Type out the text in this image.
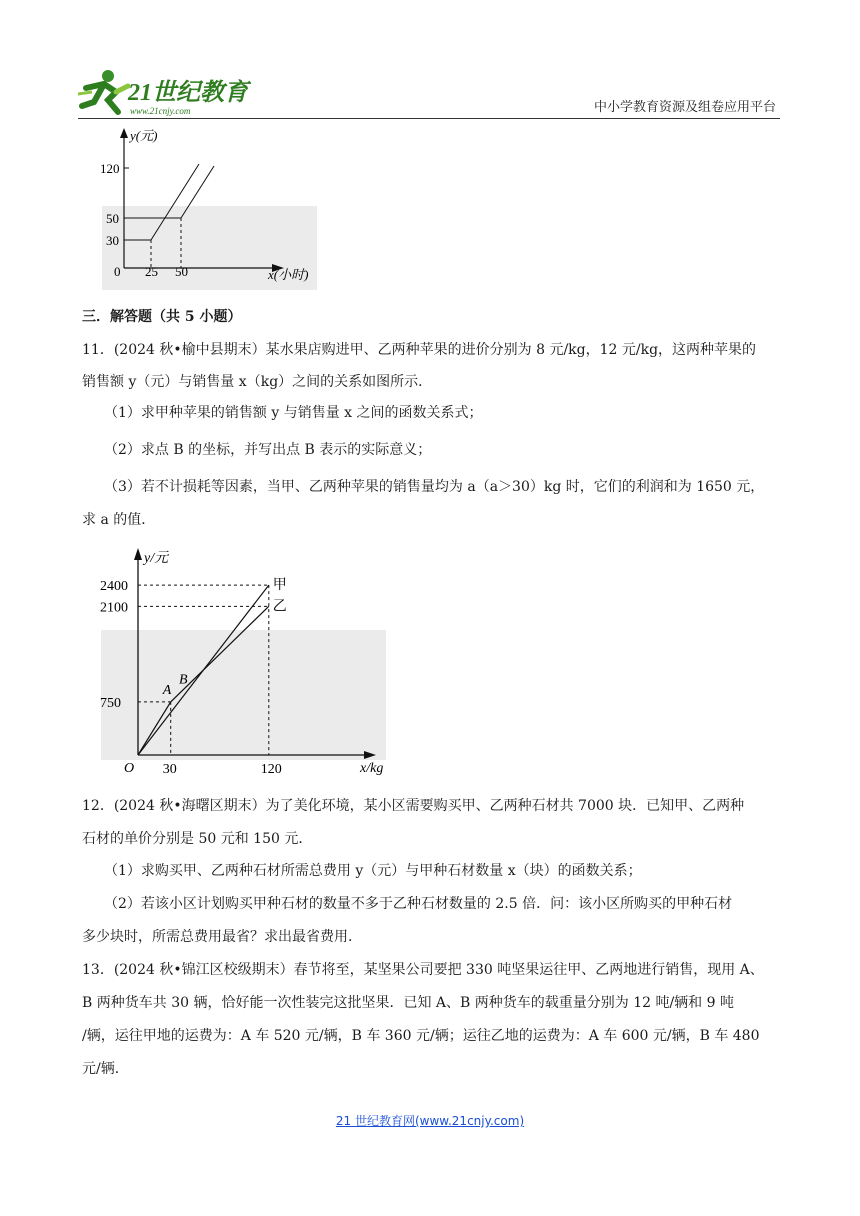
21世纪教育
www.21cnjy.com	中小学教育资源及组卷应用平台
y(元)
120
50
30
0 25 50	x(小时)
三．解答题（共 5 小题）
11．(2024 秋•榆中县期末）某水果店购进甲、乙两种苹果的进价分别为 8 元/kg，12 元/kg，这两种苹果的
销售额 y（元）与销售量 x（kg）之间的关系如图所示．
（1）求甲种苹果的销售额 y 与销售量 x 之间的函数关系式；
（2）求点 B 的坐标，并写出点 B 表示的实际意义；
（3）若不计损耗等因素，当甲、乙两种苹果的销售量均为 a（a＞30）kg 时，它们的利润和为 1650 元，
求 a 的值．
2400
2100
750
30	120
甲
乙
A
B
y/元
x/kg
O
12．(2024 秋•海曙区期末）为了美化环境，某小区需要购买甲、乙两种石材共 7000 块．已知甲、乙两种
石材的单价分别是 50 元和 150 元．
（1）求购买甲、乙两种石材所需总费用 y（元）与甲种石材数量 x（块）的函数关系；
（2）若该小区计划购买甲种石材的数量不多于乙种石材数量的 2.5 倍．问：该小区所购买的甲种石材
多少块时，所需总费用最省？求出最省费用．
13．(2024 秋•锦江区校级期末）春节将至，某坚果公司要把 330 吨坚果运往甲、乙两地进行销售，现用 A、
B 两种货车共 30 辆，恰好能一次性装完这批坚果．已知 A、B 两种货车的载重量分别为 12 吨/辆和 9 吨
/辆，运往甲地的运费为：A 车 520 元/辆，B 车 360 元/辆；运往乙地的运费为：A 车 600 元/辆，B 车 480
元/辆．
21 世纪教育网(www.21cnjy.com)
